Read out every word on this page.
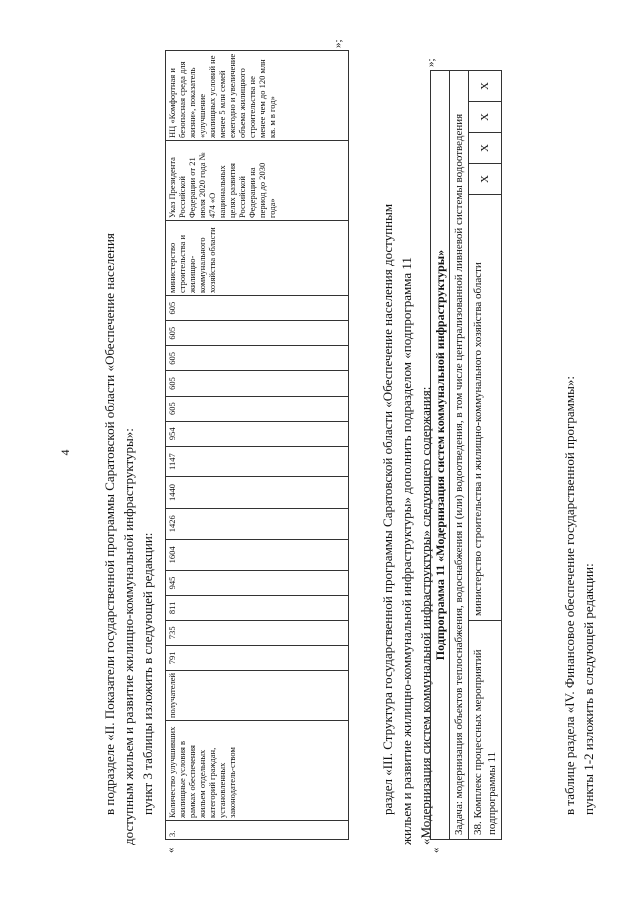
4 в подразделе «II. Показатели государственной программы Саратовской области «Обеспечение населения доступным жильем и развитие жилищно-коммунальной инфраструктуры»: пункт 3 таблицы изложить в следующей редакции:
«
3.	Количество улучшивших жилищные условия в рамках обеспечения жильем отдельных категорий граждан, установленных законодатель-ством	получателей	791	735	811	945	1604	1426	1440	1147	954	605	605	605	605	605	министерство строительства и жилищно-коммунального хозяйства области	Указ Президента Российской Федерации от 21 июля 2020 года № 474 «О национальных целях развития Российской Федерации на период до 2030 года»	НЦ «Комфортная и безопасная среда для жизни», показатель «улучшение жилищных условий не менее 5 млн семей ежегодно и увеличение объема жилищного строительства не менее чем до 120 млн кв. м в год»
»;
раздел «III. Структура государственной программы Саратовской области «Обеспечение населения доступным жильем и развитие жилищно-коммунальной инфраструктуры» дополнить подразделом «подпрограмма 11 «Модернизация систем коммунальной инфраструктуры» следующего содержания:
«
Подпрограмма 11 «Модернизация систем коммунальной инфраструктуры»
Задача: модернизация объектов теплоснабжения, водоснабжения и (или) водоотведения, в том числе централизованной ливневой системы водоотведения
38. Комплекс процессных мероприятий подпрограммы 11	министерство строительства и жилищно-коммунального хозяйства области	X	X	X	X
»;
в таблице раздела «IV. Финансовое обеспечение государственной программы»: пункты 1-2 изложить в следующей редакции:
